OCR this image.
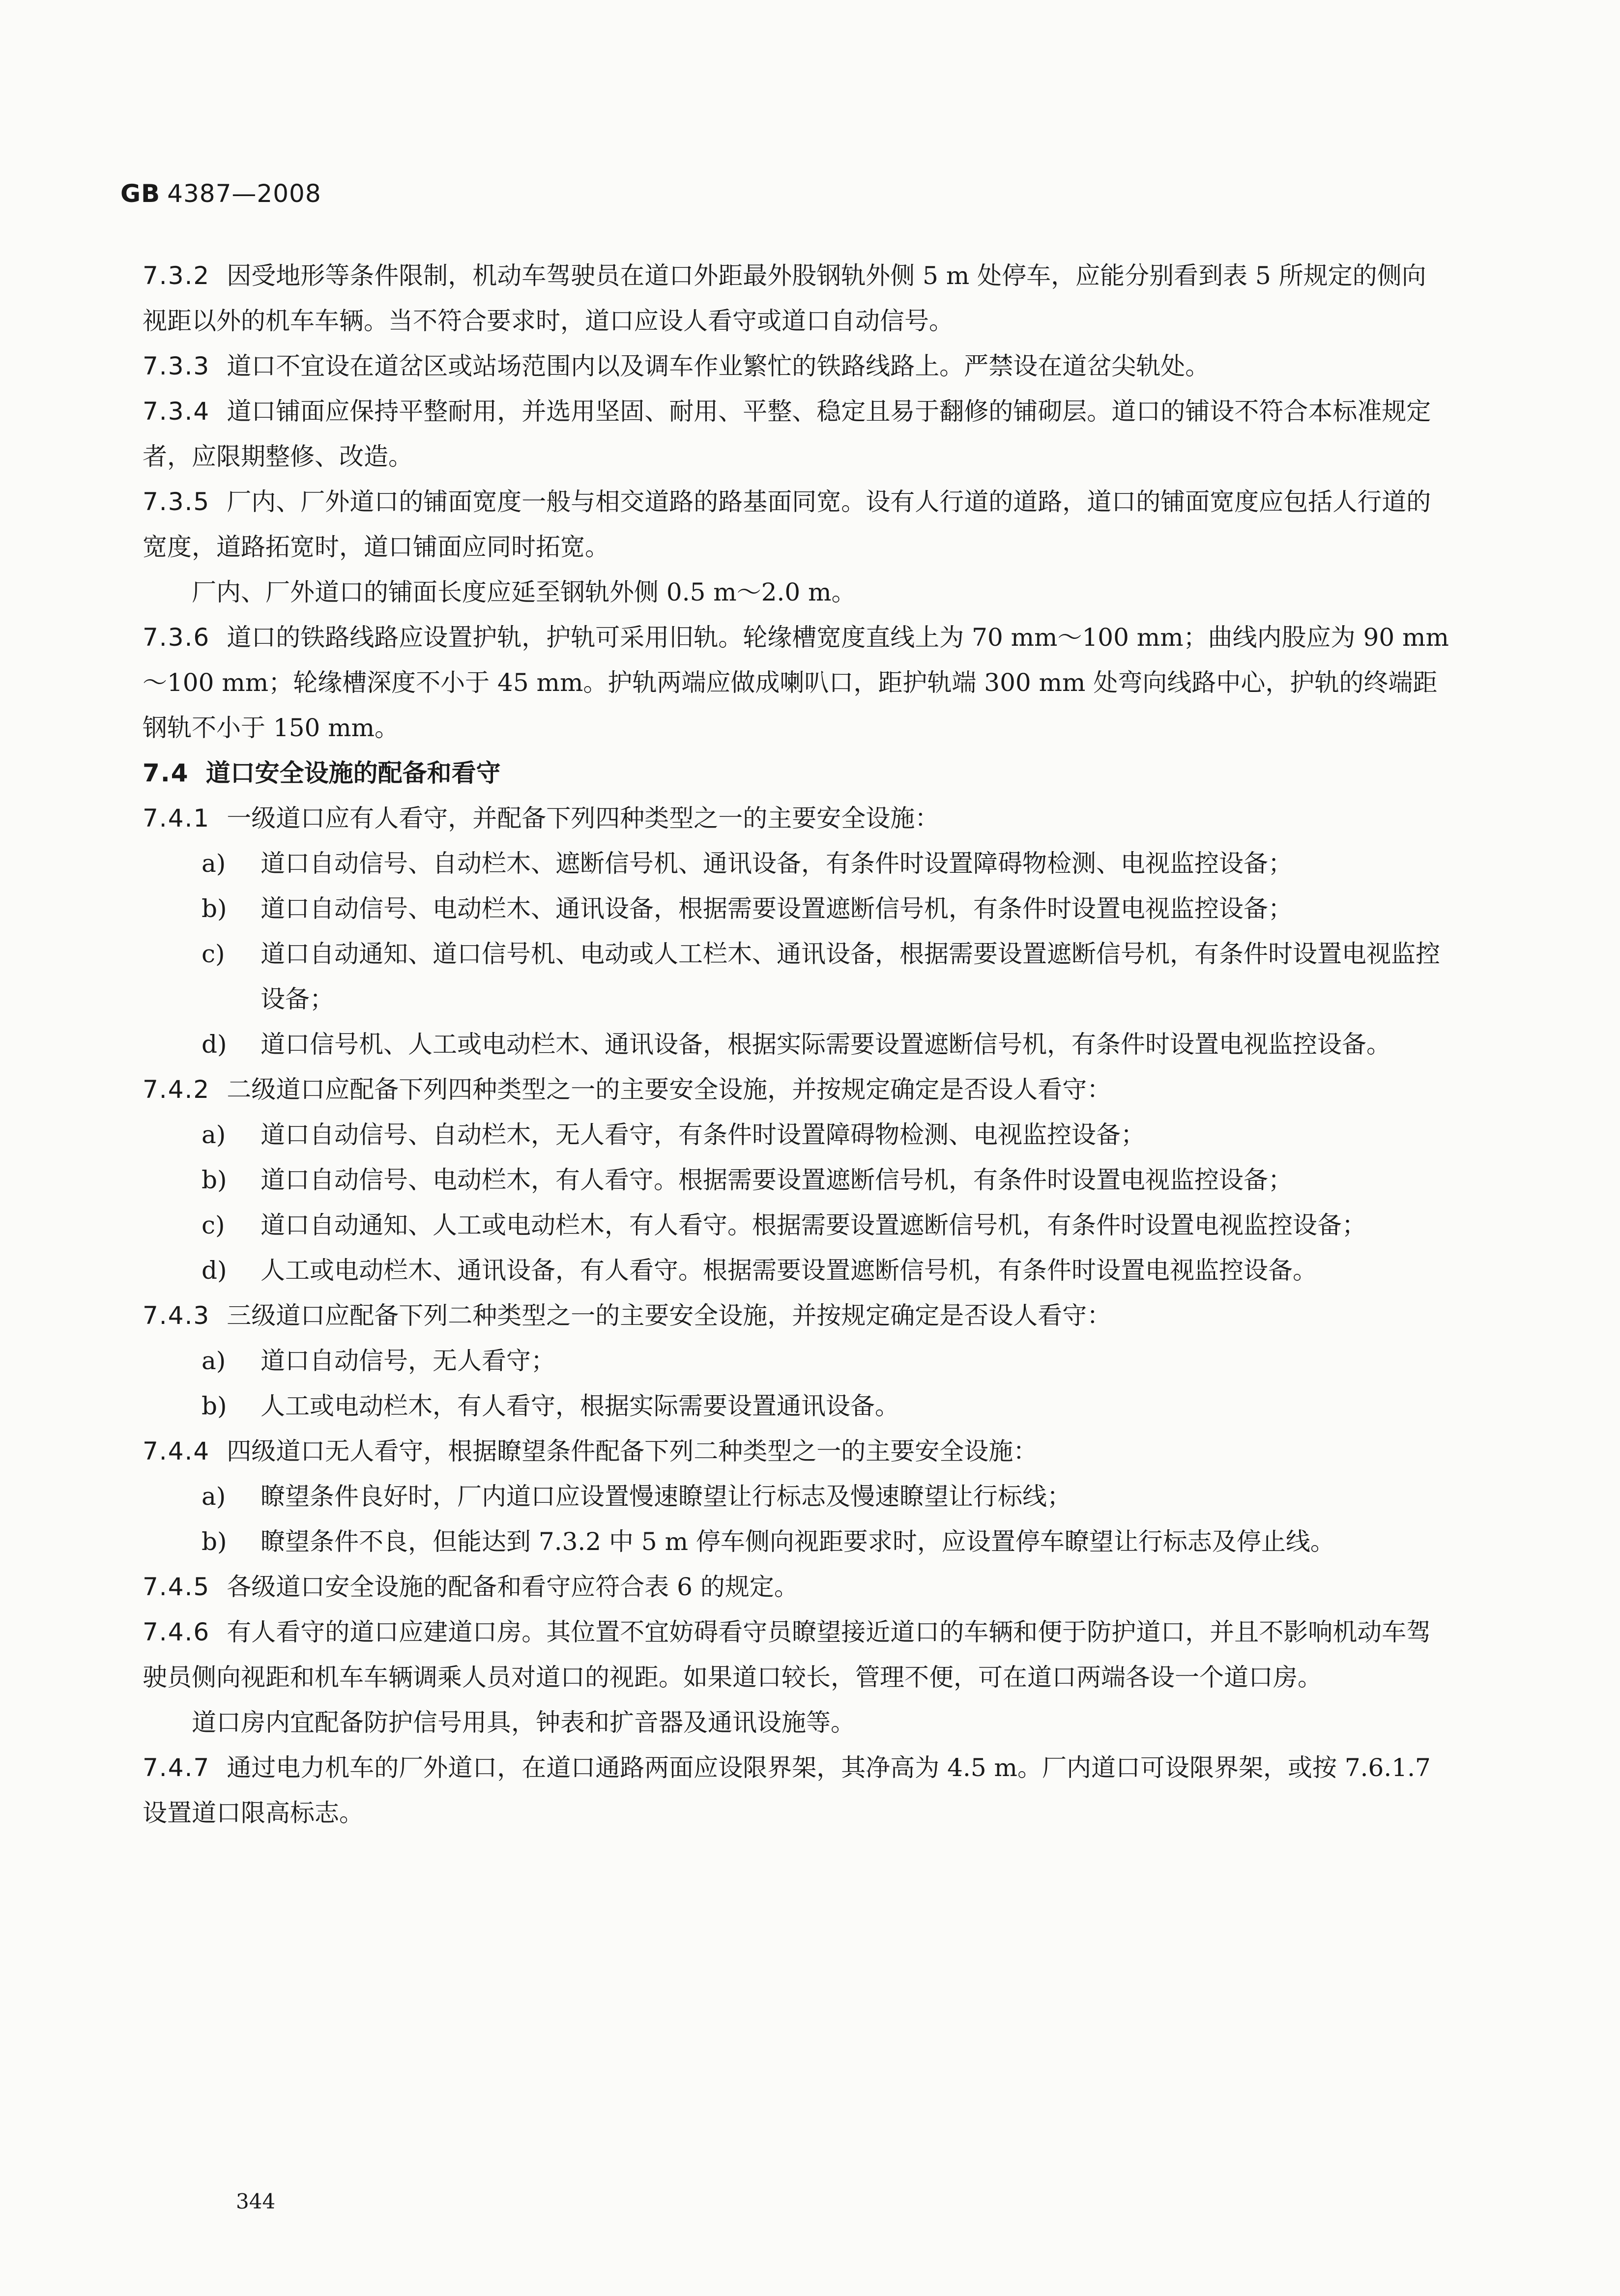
GB 4387—2008

7.3.2 因受地形等条件限制，机动车驾驶员在道口外距最外股钢轨外侧 5 m 处停车，应能分别看到表 5 所规定的侧向视距以外的机车车辆。当不符合要求时，道口应设人看守或道口自动信号。

7.3.3 道口不宜设在道岔区或站场范围内以及调车作业繁忙的铁路线路上。严禁设在道岔尖轨处。

7.3.4 道口铺面应保持平整耐用，并选用坚固、耐用、平整、稳定且易于翻修的铺砌层。道口的铺设不符合本标准规定者，应限期整修、改造。

7.3.5 厂内、厂外道口的铺面宽度一般与相交道路的路基面同宽。设有人行道的道路，道口的铺面宽度应包括人行道的宽度，道路拓宽时，道口铺面应同时拓宽。

厂内、厂外道口的铺面长度应延至钢轨外侧 0.5 m～2.0 m。

7.3.6 道口的铁路线路应设置护轨，护轨可采用旧轨。轮缘槽宽度直线上为 70 mm～100 mm；曲线内股应为 90 mm～100 mm；轮缘槽深度不小于 45 mm。护轨两端应做成喇叭口，距护轨端 300 mm 处弯向线路中心，护轨的终端距钢轨不小于 150 mm。

7.4 道口安全设施的配备和看守

7.4.1 一级道口应有人看守，并配备下列四种类型之一的主要安全设施：

a) 道口自动信号、自动栏木、遮断信号机、通讯设备，有条件时设置障碍物检测、电视监控设备；

b) 道口自动信号、电动栏木、通讯设备，根据需要设置遮断信号机，有条件时设置电视监控设备；

c) 道口自动通知、道口信号机、电动或人工栏木、通讯设备，根据需要设置遮断信号机，有条件时设置电视监控设备；

d) 道口信号机、人工或电动栏木、通讯设备，根据实际需要设置遮断信号机，有条件时设置电视监控设备。

7.4.2 二级道口应配备下列四种类型之一的主要安全设施，并按规定确定是否设人看守：

a) 道口自动信号、自动栏木，无人看守，有条件时设置障碍物检测、电视监控设备；

b) 道口自动信号、电动栏木，有人看守。根据需要设置遮断信号机，有条件时设置电视监控设备；

c) 道口自动通知、人工或电动栏木，有人看守。根据需要设置遮断信号机，有条件时设置电视监控设备；

d) 人工或电动栏木、通讯设备，有人看守。根据需要设置遮断信号机，有条件时设置电视监控设备。

7.4.3 三级道口应配备下列二种类型之一的主要安全设施，并按规定确定是否设人看守：

a) 道口自动信号，无人看守；

b) 人工或电动栏木，有人看守，根据实际需要设置通讯设备。

7.4.4 四级道口无人看守，根据瞭望条件配备下列二种类型之一的主要安全设施：

a) 瞭望条件良好时，厂内道口应设置慢速瞭望让行标志及慢速瞭望让行标线；

b) 瞭望条件不良，但能达到 7.3.2 中 5 m 停车侧向视距要求时，应设置停车瞭望让行标志及停止线。

7.4.5 各级道口安全设施的配备和看守应符合表 6 的规定。

7.4.6 有人看守的道口应建道口房。其位置不宜妨碍看守员瞭望接近道口的车辆和便于防护道口，并且不影响机动车驾驶员侧向视距和机车车辆调乘人员对道口的视距。如果道口较长，管理不便，可在道口两端各设一个道口房。

道口房内宜配备防护信号用具，钟表和扩音器及通讯设施等。

7.4.7 通过电力机车的厂外道口，在道口通路两面应设限界架，其净高为 4.5 m。厂内道口可设限界架，或按 7.6.1.7 设置道口限高标志。

344
